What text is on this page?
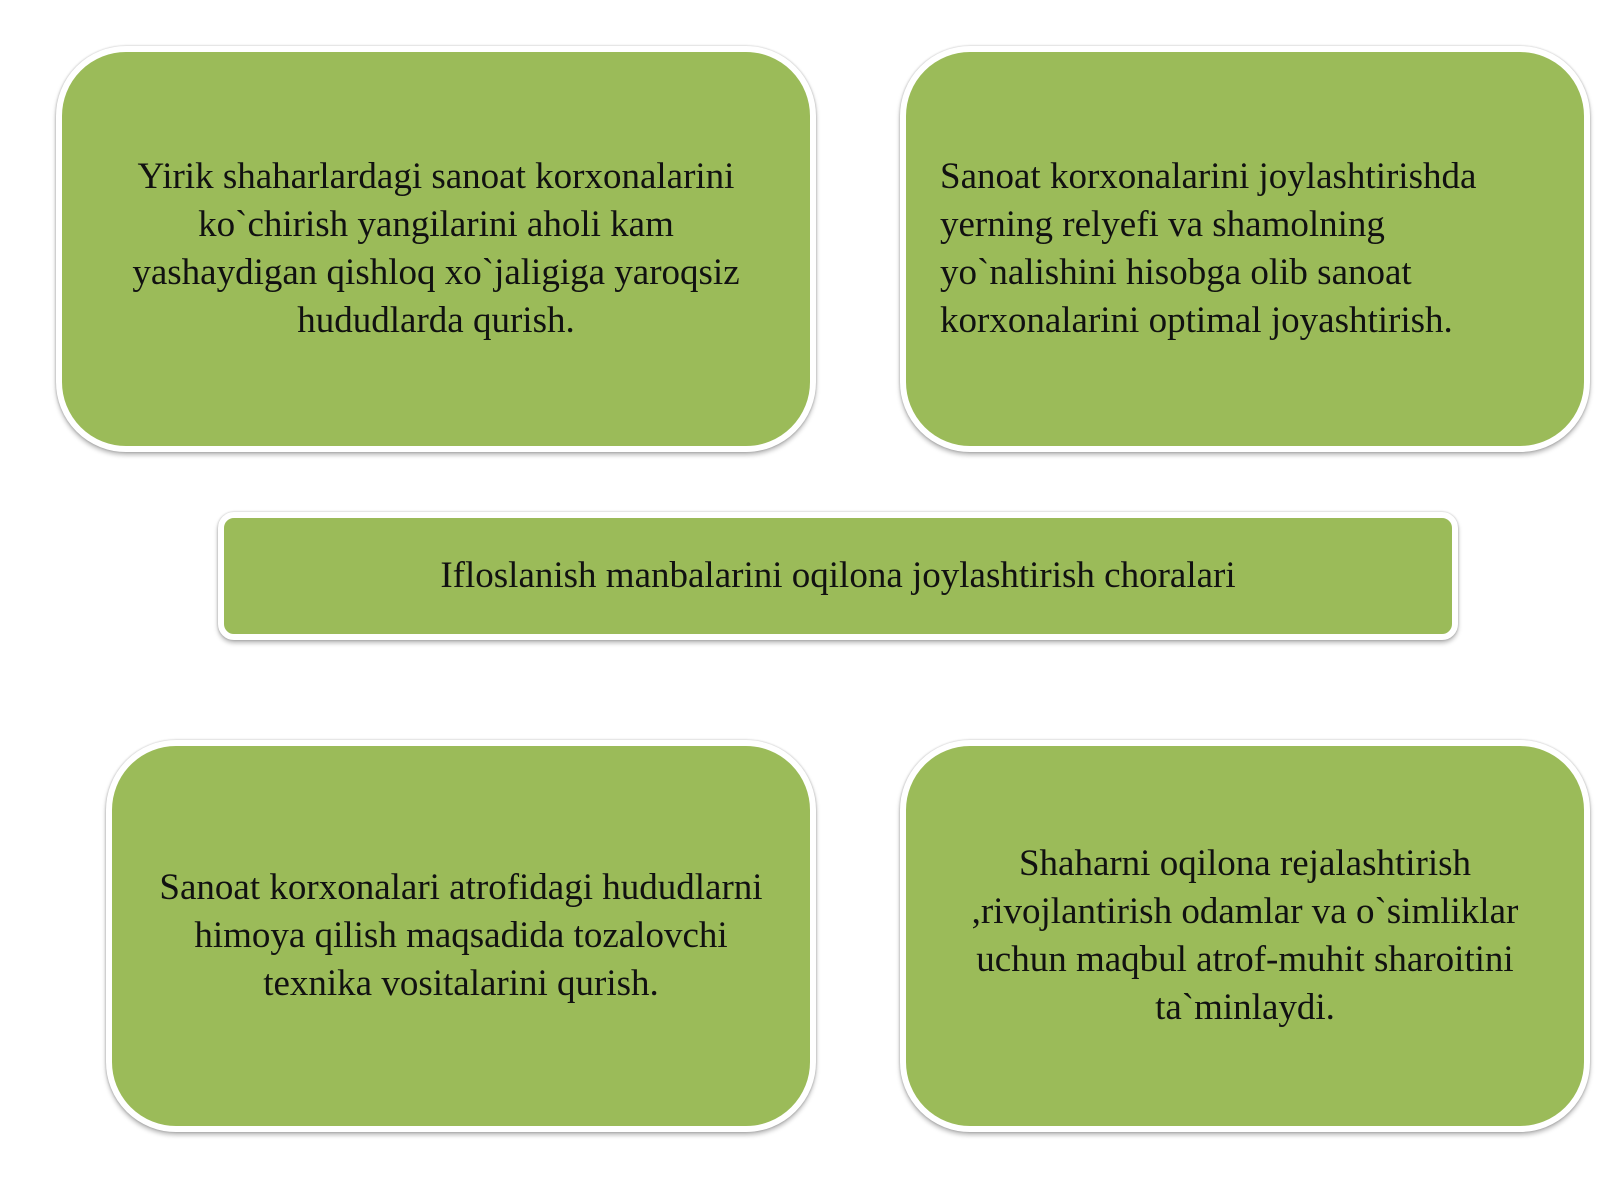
Yirik shaharlardagi sanoat korxonalarini ko`chirish yangilarini aholi kam yashaydigan qishloq xo`jaligiga yaroqsiz hududlarda qurish.
Sanoat korxonalarini joylashtirishda yerning relyefi va shamolning yo`nalishini hisobga olib sanoat korxonalarini optimal joyashtirish.
Ifloslanish manbalarini oqilona joylashtirish choralari
Sanoat korxonalari atrofidagi hududlarni himoya qilish maqsadida tozalovchi texnika vositalarini qurish.
Shaharni oqilona rejalashtirish ,rivojlantirish odamlar va o`simliklar uchun maqbul atrof-muhit sharoitini ta`minlaydi.
